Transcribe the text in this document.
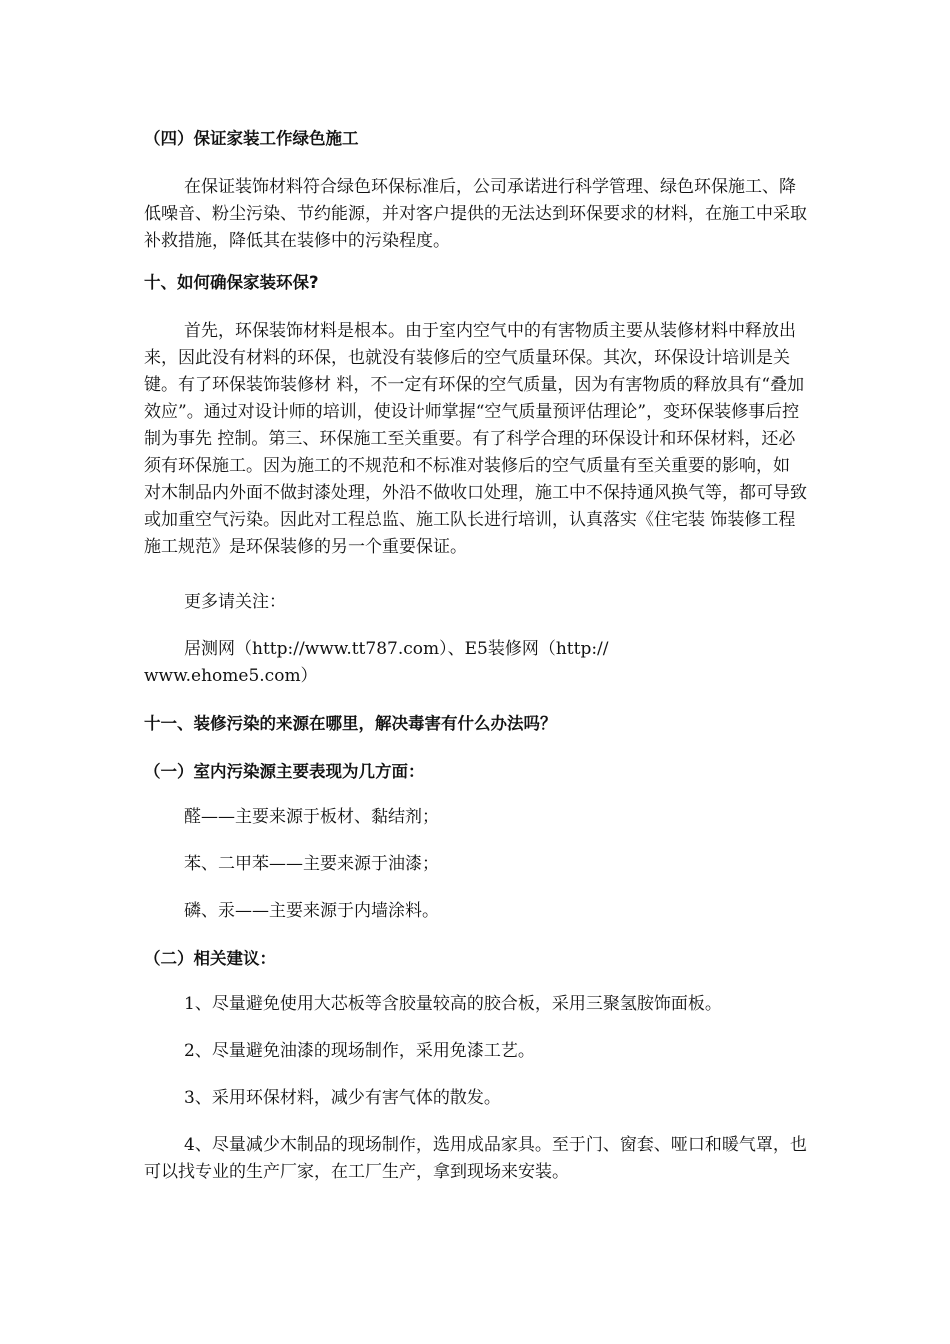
（四）保证家装工作绿色施工

在保证装饰材料符合绿色环保标准后，公司承诺进行科学管理、绿色环保施工、降低噪音、粉尘污染、节约能源，并对客户提供的无法达到环保要求的材料，在施工中采取补救措施，降低其在装修中的污染程度。

十、如何确保家装环保?

首先，环保装饰材料是根本。由于室内空气中的有害物质主要从装修材料中释放出来，因此没有材料的环保，也就没有装修后的空气质量环保。其次，环保设计培训是关键。有了环保装饰装修材 料，不一定有环保的空气质量，因为有害物质的释放具有“叠加效应”。通过对设计师的培训，使设计师掌握“空气质量预评估理论”，变环保装修事后控制为事先 控制。第三、环保施工至关重要。有了科学合理的环保设计和环保材料，还必须有环保施工。因为施工的不规范和不标准对装修后的空气质量有至关重要的影响，如 对木制品内外面不做封漆处理，外沿不做收口处理，施工中不保持通风换气等，都可导致或加重空气污染。因此对工程总监、施工队长进行培训，认真落实《住宅装 饰装修工程施工规范》是环保装修的另一个重要保证。

更多请关注：

居测网（http://www.tt787.com）、E5装修网（http://
www.ehome5.com）

十一、装修污染的来源在哪里，解决毒害有什么办法吗？

（一）室内污染源主要表现为几方面：

醛——主要来源于板材、黏结剂；

苯、二甲苯——主要来源于油漆；

磷、汞——主要来源于内墙涂料。

（二）相关建议：

1、尽量避免使用大芯板等含胶量较高的胶合板，采用三聚氢胺饰面板。

2、尽量避免油漆的现场制作，采用免漆工艺。

3、采用环保材料，减少有害气体的散发。

4、尽量减少木制品的现场制作，选用成品家具。至于门、窗套、哑口和暖气罩，也可以找专业的生产厂家，在工厂生产，拿到现场来安装。
